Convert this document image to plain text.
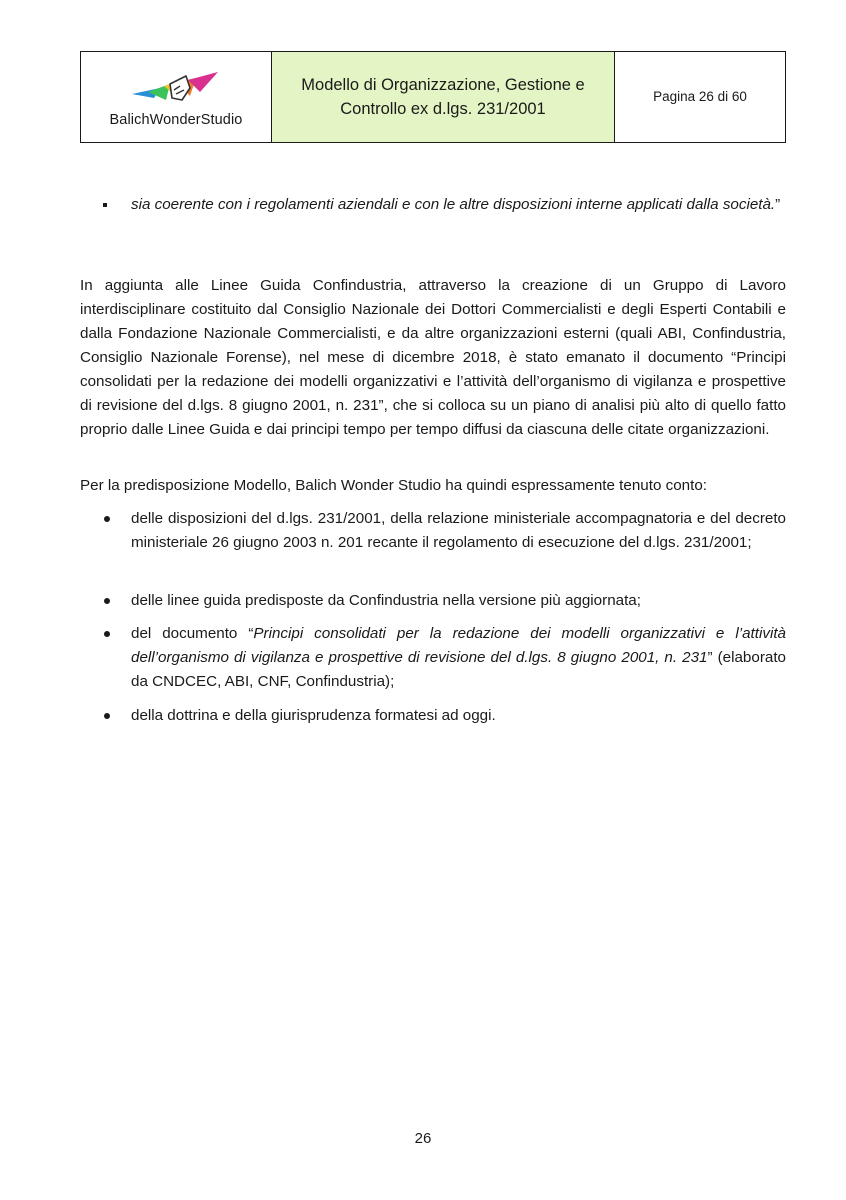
BalichWonderStudio
Modello di Organizzazione, Gestione e
Controllo ex d.lgs. 231/2001
Pagina 26 di 60
sia coerente con i regolamenti aziendali e con le altre disposizioni interne applicati dalla società.”
In aggiunta alle Linee Guida Confindustria, attraverso la creazione di un Gruppo di Lavoro interdisciplinare costituito dal Consiglio Nazionale dei Dottori Commercialisti e degli Esperti Contabili e dalla Fondazione Nazionale Commercialisti, e da altre organizzazioni esterni (quali ABI, Confindustria, Consiglio Nazionale Forense), nel mese di dicembre 2018, è stato emanato il documento “Principi consolidati per la redazione dei modelli organizzativi e l’attività dell’organismo di vigilanza e prospettive di revisione del d.lgs. 8 giugno 2001, n. 231”, che si colloca su un piano di analisi più alto di quello fatto proprio dalle Linee Guida e dai principi tempo per tempo diffusi da ciascuna delle citate organizzazioni.
Per la predisposizione Modello, Balich Wonder Studio ha quindi espressamente tenuto conto:
delle disposizioni del d.lgs. 231/2001, della relazione ministeriale accompagnatoria e del decreto ministeriale 26 giugno 2003 n. 201 recante il regolamento di esecuzione del d.lgs. 231/2001;
delle linee guida predisposte da Confindustria nella versione più aggiornata;
del documento “Principi consolidati per la redazione dei modelli organizzativi e l’attività dell’organismo di vigilanza e prospettive di revisione del d.lgs. 8 giugno 2001, n. 231” (elaborato da CNDCEC, ABI, CNF, Confindustria);
della dottrina e della giurisprudenza formatesi ad oggi.
26
